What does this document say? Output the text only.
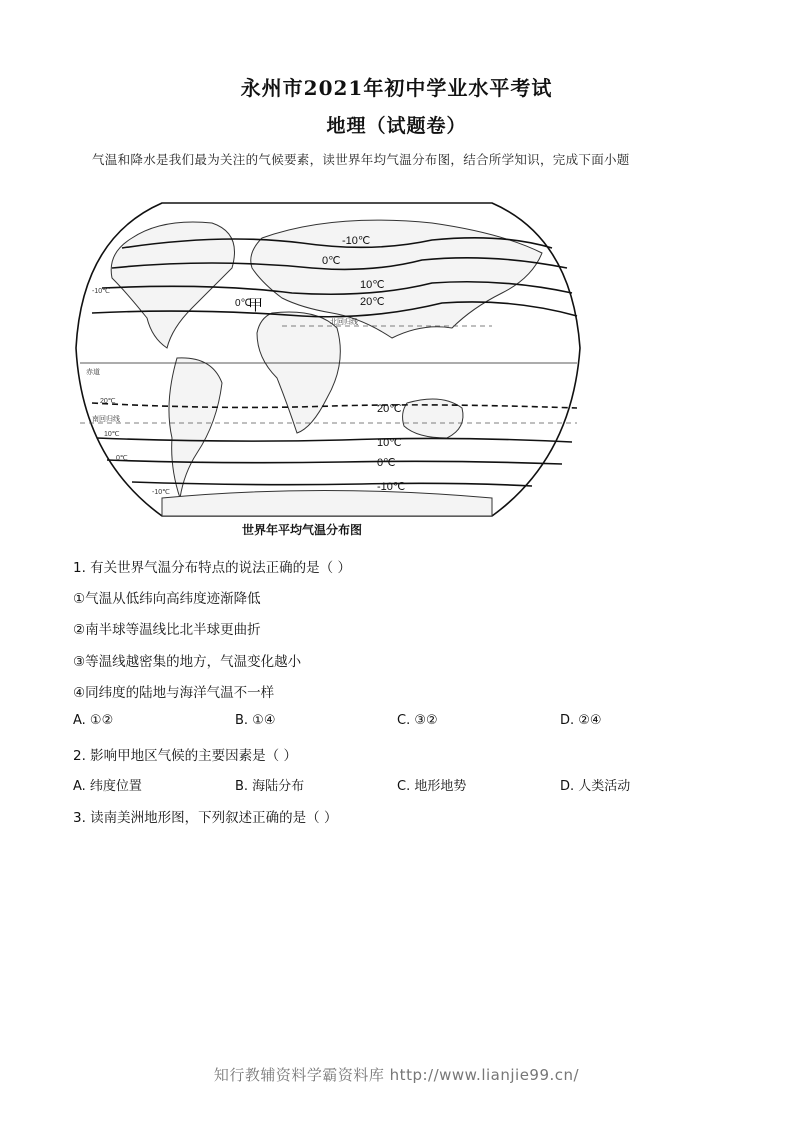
永州市2021年初中学业水平考试
地理（试题卷）
气温和降水是我们最为关注的气候要素，读世界年均气温分布图，结合所学知识，完成下面小题
-10℃
0℃
10℃
20℃
20℃
10℃
0℃
-10℃
0℃
甲
北回归线
赤道
南回归线
-10℃
20℃
10℃
0℃
-10℃
世界年平均气温分布图
1. 有关世界气温分布特点的说法正确的是（ ）
①气温从低纬向高纬度迹渐降低
②南半球等温线比北半球更曲折
③等温线越密集的地方，气温变化越小
④同纬度的陆地与海洋气温不一样
A. ①②	B. ①④	C. ③②	D. ②④
2. 影响甲地区气候的主要因素是（ ）
A. 纬度位置	B. 海陆分布	C. 地形地势	D. 人类活动
3. 读南美洲地形图，下列叙述正确的是（ ）
知行教辅资料学霸资料库 http://www.lianjie99.cn/
